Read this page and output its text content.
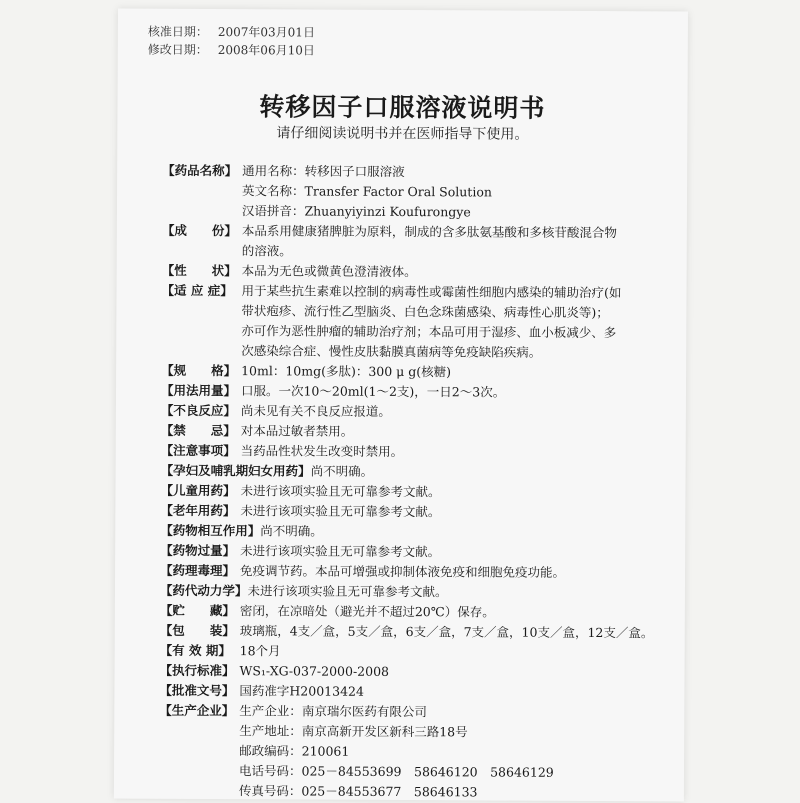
核准日期： 2007年03月01日
修改日期： 2008年06月10日
转移因子口服溶液说明书
请仔细阅读说明书并在医师指导下使用。
【药品名称】 通用名称： 转移因子口服溶液
英文名称： Transfer Factor Oral Solution
汉语拼音： Zhuanyiyinzi Koufurongye
【成　　份】 本品系用健康猪脾脏为原料，制成的含多肽氨基酸和多核苷酸混合物
的溶液。
【性　　状】 本品为无色或微黄色澄清液体。
【适 应 症】 用于某些抗生素难以控制的病毒性或霉菌性细胞内感染的辅助治疗(如
带状疱疹、流行性乙型脑炎、白色念珠菌感染、病毒性心肌炎等)；
亦可作为恶性肿瘤的辅助治疗剂；本品可用于湿疹、血小板减少、多
次感染综合症、慢性皮肤黏膜真菌病等免疫缺陷疾病。
【规　　格】 10ml：10mg(多肽)：300 μ g(核糖)
【用法用量】 口服。一次10～20ml(1～2支)，一日2～3次。
【不良反应】 尚未见有关不良反应报道。
【禁　　忌】 对本品过敏者禁用。
【注意事项】 当药品性状发生改变时禁用。
【孕妇及哺乳期妇女用药】 尚不明确。
【儿童用药】 未进行该项实验且无可靠参考文献。
【老年用药】 未进行该项实验且无可靠参考文献。
【药物相互作用】 尚不明确。
【药物过量】 未进行该项实验且无可靠参考文献。
【药理毒理】 免疫调节药。本品可增强或抑制体液免疫和细胞免疫功能。
【药代动力学】 未进行该项实验且无可靠参考文献。
【贮　　藏】 密闭，在凉暗处（避光并不超过20℃）保存。
【包　　装】 玻璃瓶，4支／盒，5支／盒，6支／盒，7支／盒，10支／盒，12支／盒。
【有 效 期】 18个月
【执行标准】 WS₁-XG-037-2000-2008
【批准文号】 国药准字H20013424
【生产企业】 生产企业： 南京瑞尔医药有限公司
生产地址： 南京高新开发区新科三路18号
邮政编码： 210061
电话号码： 025－84553699　58646120　58646129
传真号码： 025－84553677　58646133
